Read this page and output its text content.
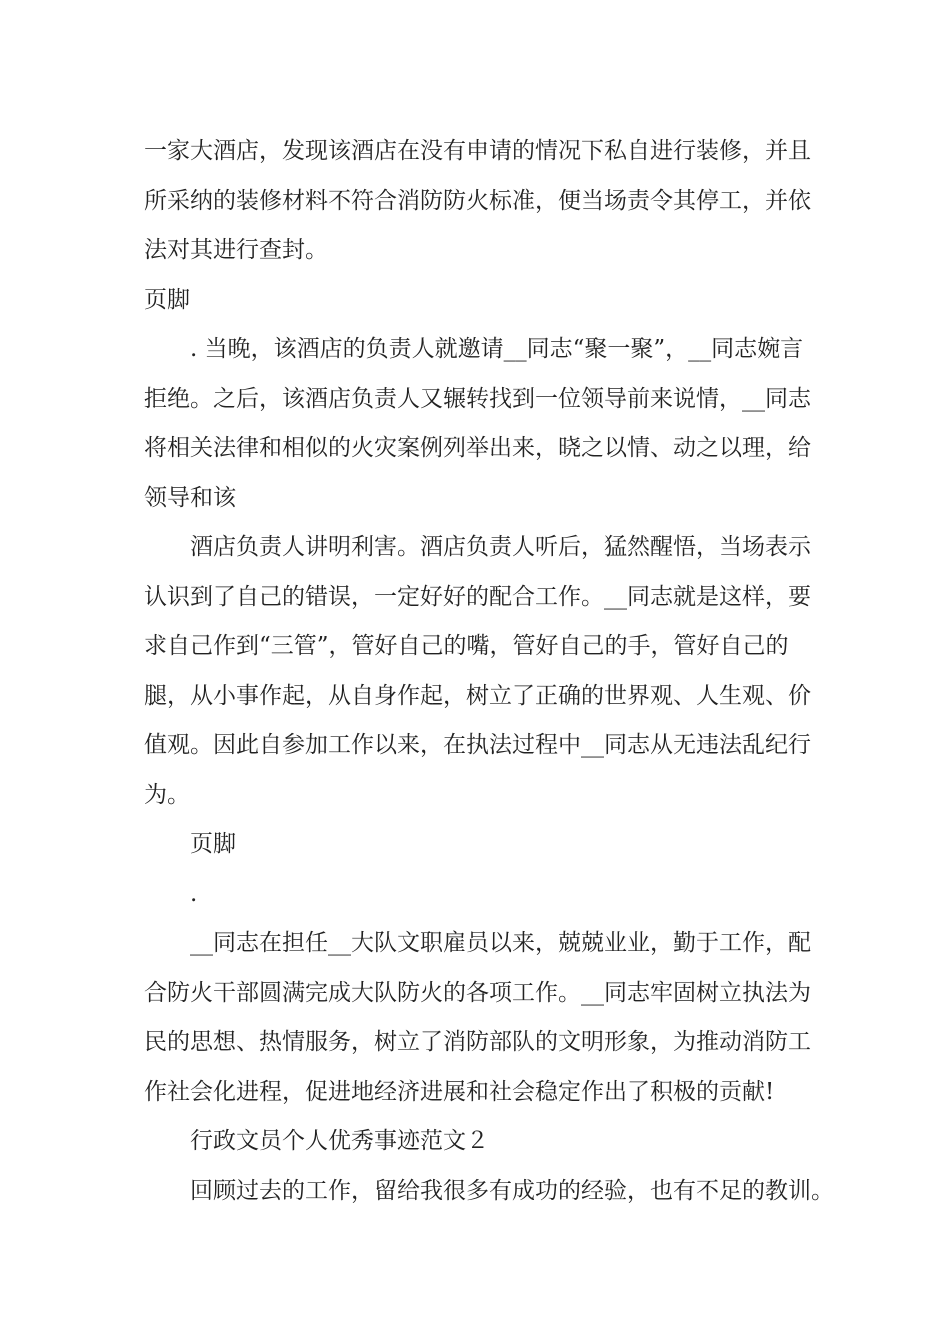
一家大酒店，发现该酒店在没有申请的情况下私自进行装修，并且
所采纳的装修材料不符合消防防火标准，便当场责令其停工，并依
法对其进行查封。
页脚
. 当晚，该酒店的负责人就邀请__同志“聚一聚”，__同志婉言
拒绝。之后，该酒店负责人又辗转找到一位领导前来说情，__同志
将相关法律和相似的火灾案例列举出来，晓之以情、动之以理，给
领导和该
酒店负责人讲明利害。酒店负责人听后，猛然醒悟，当场表示
认识到了自己的错误，一定好好的配合工作。__同志就是这样，要
求自己作到“三管”，管好自己的嘴，管好自己的手，管好自己的
腿，从小事作起，从自身作起，树立了正确的世界观、人生观、价
值观。因此自参加工作以来，在执法过程中__同志从无违法乱纪行
为。
页脚
.
__同志在担任__大队文职雇员以来，兢兢业业，勤于工作，配
合防火干部圆满完成大队防火的各项工作。__同志牢固树立执法为
民的思想、热情服务，树立了消防部队的文明形象，为推动消防工
作社会化进程，促进地经济进展和社会稳定作出了积极的贡献!
行政文员个人优秀事迹范文２
回顾过去的工作，留给我很多有成功的经验，也有不足的教训。
